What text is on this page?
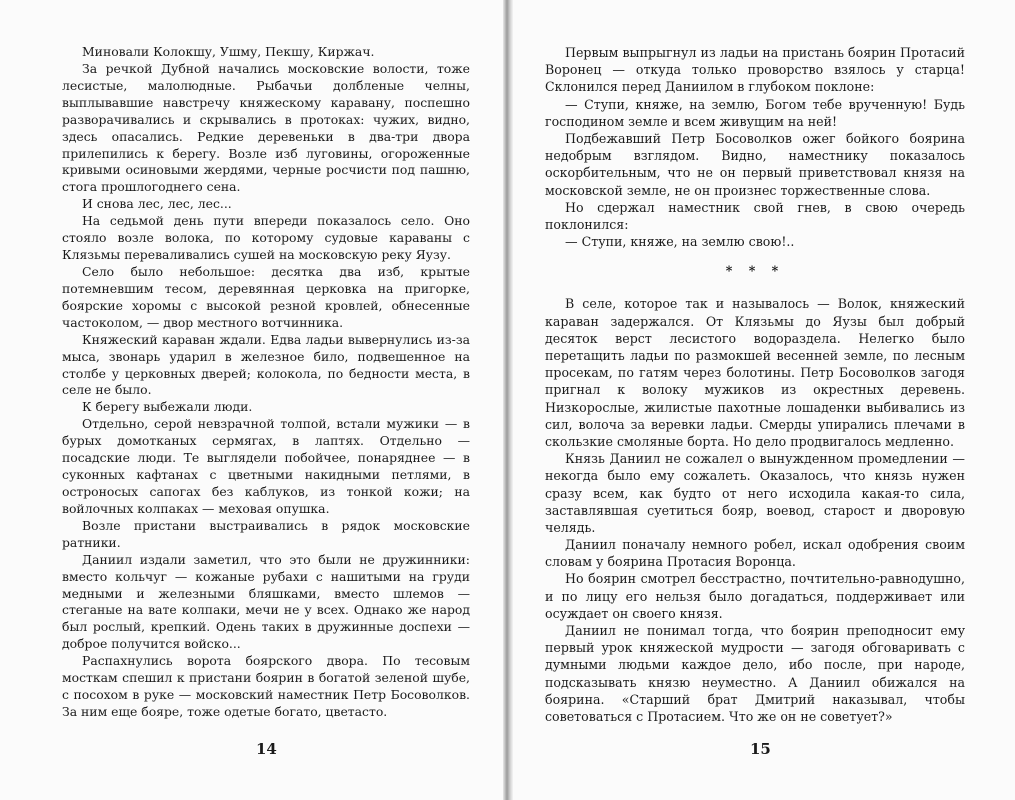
Миновали Колокшу, Ушму, Пекшу, Киржач.

За речкой Дубной начались московские волости, тоже лесистые, малолюдные. Рыбачьи долбленые челны, выплывавшие навстречу княжескому каравану, поспешно разворачивались и скрывались в протоках: чужих, видно, здесь опасались. Редкие деревеньки в два-три двора прилепились к берегу. Возле изб луговины, огороженные кривыми осиновыми жердями, черные росчисти под пашню, стога прошлогоднего сена.

И снова лес, лес, лес...

На седьмой день пути впереди показалось село. Оно стояло возле волока, по которому судовые караваны с Клязьмы переваливались сушей на московскую реку Яузу.

Село было небольшое: десятка два изб, крытые потемневшим тесом, деревянная церковка на пригорке, боярские хоромы с высокой резной кровлей, обнесенные частоколом, — двор местного вотчинника.

Княжеский караван ждали. Едва ладьи вывернулись из-за мыса, звонарь ударил в железное било, подвешенное на столбе у церковных дверей; колокола, по бедности места, в селе не было.

К берегу выбежали люди.

Отдельно, серой невзрачной толпой, встали мужики — в бурых домотканых сермягах, в лаптях. Отдельно — посадские люди. Те выглядели побойчее, понаряднее — в суконных кафтанах с цветными накидными петлями, в остроносых сапогах без каблуков, из тонкой кожи; на войлочных колпаках — меховая опушка.

Возле пристани выстраивались в рядок московские ратники.

Даниил издали заметил, что это были не дружинники: вместо кольчуг — кожаные рубахи с нашитыми на груди медными и железными бляшками, вместо шлемов — стеганые на вате колпаки, мечи не у всех. Однако же народ был рослый, крепкий. Одень таких в дружинные доспехи — доброе получится войско...

Распахнулись ворота боярского двора. По тесовым мосткам спешил к пристани боярин в богатой зеленой шубе, с посохом в руке — московский наместник Петр Босоволков. За ним еще бояре, тоже одетые богато, цветасто.

14

Первым выпрыгнул из ладьи на пристань боярин Протасий Воронец — откуда только проворство взялось у старца! Склонился перед Даниилом в глубоком поклоне:

— Ступи, княже, на землю, Богом тебе врученную! Будь господином земле и всем живущим на ней!

Подбежавший Петр Босоволков ожег бойкого боярина недобрым взглядом. Видно, наместнику показалось оскорбительным, что не он первый приветствовал князя на московской земле, не он произнес торжественные слова.

Но сдержал наместник свой гнев, в свою очередь поклонился:

— Ступи, княже, на землю свою!..

* * *

В селе, которое так и называлось — Волок, княжеский караван задержался. От Клязьмы до Яузы был добрый десяток верст лесистого водораздела. Нелегко было перетащить ладьи по размокшей весенней земле, по лесным просекам, по гатям через болотины. Петр Босоволков загодя пригнал к волоку мужиков из окрестных деревень. Низкорослые, жилистые пахотные лошаденки выбивались из сил, волоча за веревки ладьи. Смерды упирались плечами в скользкие смоляные борта. Но дело продвигалось медленно.

Князь Даниил не сожалел о вынужденном промедлении — некогда было ему сожалеть. Оказалось, что князь нужен сразу всем, как будто от него исходила какая-то сила, заставлявшая суетиться бояр, воевод, старост и дворовую челядь.

Даниил поначалу немного робел, искал одобрения своим словам у боярина Протасия Воронца.

Но боярин смотрел бесстрастно, почтительно-равнодушно, и по лицу его нельзя было догадаться, поддерживает или осуждает он своего князя.

Даниил не понимал тогда, что боярин преподносит ему первый урок княжеской мудрости — загодя обговаривать с думными людьми каждое дело, ибо после, при народе, подсказывать князю неуместно. А Даниил обижался на боярина. «Старший брат Дмитрий наказывал, чтобы советоваться с Протасием. Что же он не советует?»

15
